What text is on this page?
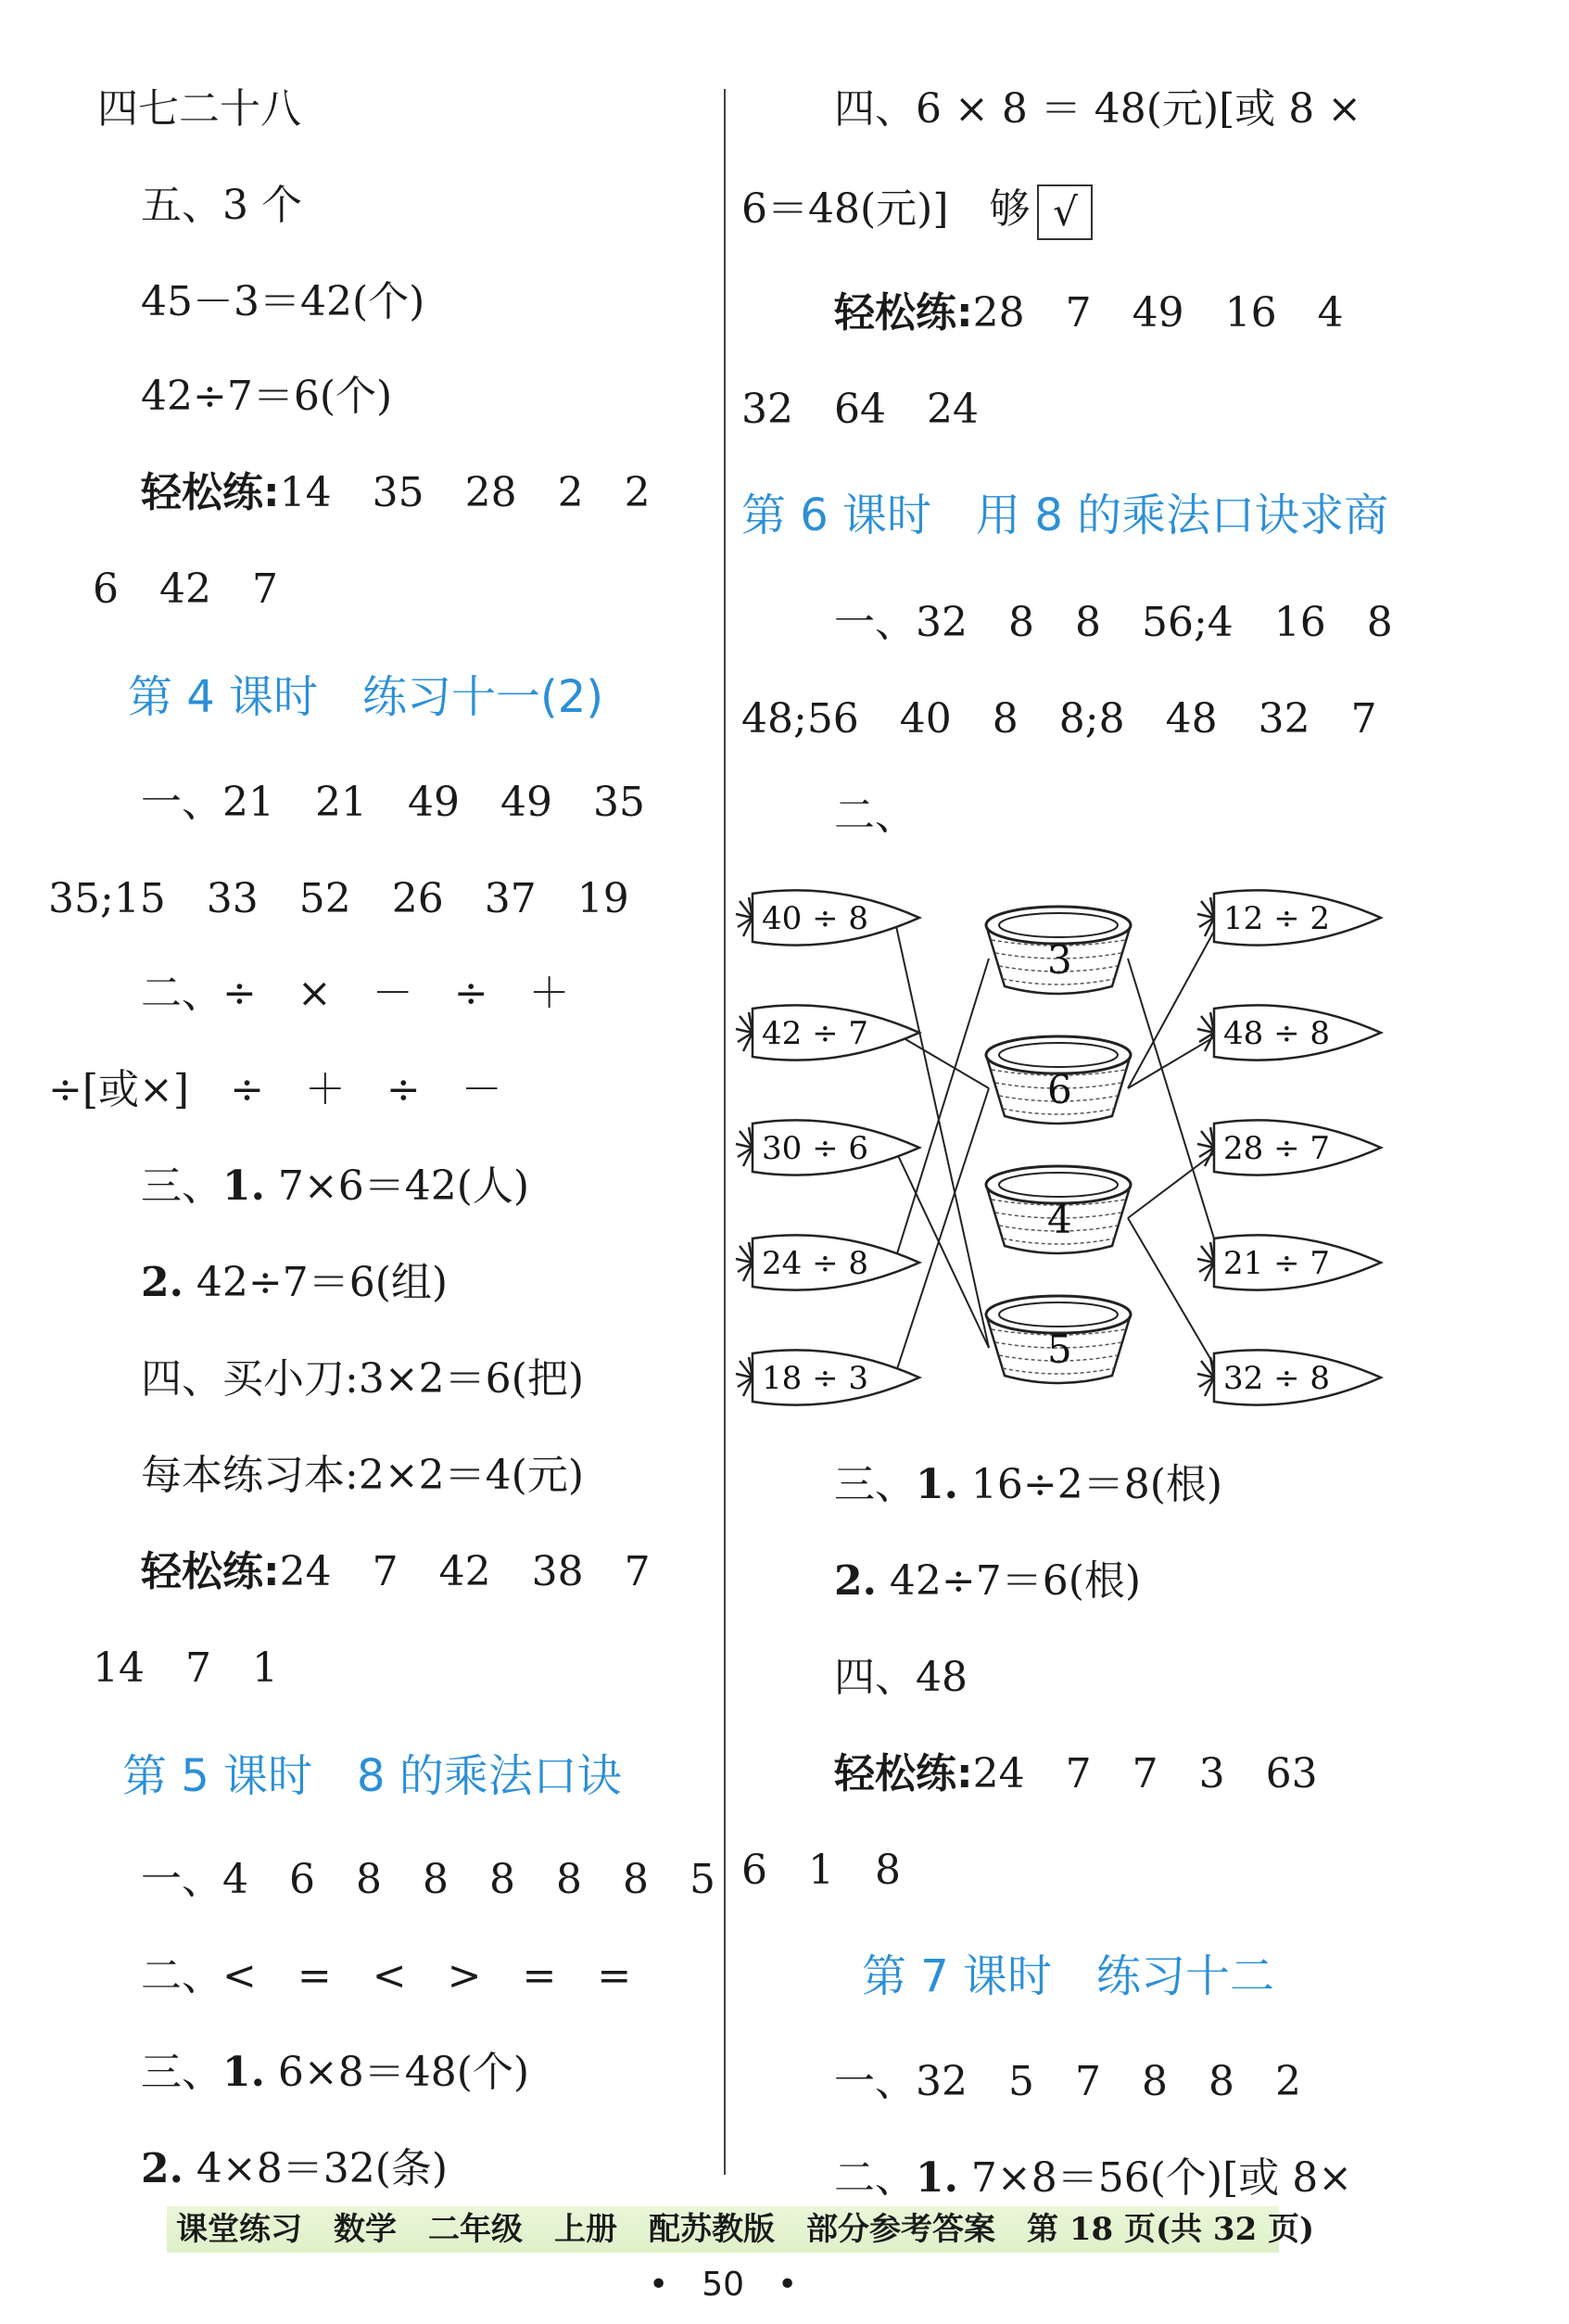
四七二十八
五、3 个
45－3＝42(个)
42÷7＝6(个)
轻松练:14　35　28　2　2
6　42　7
第 4 课时　练习十一(2)
一、21　21　49　49　35
35;15　33　52　26　37　19
二、÷　×　－　÷　＋
÷[或×]　÷　＋　÷　－
三、1. 7×6＝42(人)
2. 42÷7＝6(组)
四、买小刀:3×2＝6(把)
每本练习本:2×2＝4(元)
轻松练:24　7　42　38　7
14　7　1
第 5 课时　8 的乘法口诀
一、4　6　8　8　8　8　8　5
二、<　=　<　>　=　=
三、1. 6×8＝48(个)
2. 4×8＝32(条)
四、6 × 8 ＝ 48(元)[或 8 ×
6＝48(元)]　够 √
轻松练:28　7　49　16　4
32　64　24
第 6 课时　用 8 的乘法口诀求商
一、32　8　8　56;4　16　8
48;56　40　8　8;8　48　32　7
二、
三、1. 16÷2＝8(根)
2. 42÷7＝6(根)
四、48
轻松练:24　7　7　3　63
6　1　8
第 7 课时　练习十二
一、32　5　7　8　8　2
二、1. 7×8＝56(个)[或 8×
40 ÷ 8
42 ÷ 7
30 ÷ 6
24 ÷ 8
18 ÷ 3
3
6
4
5
12 ÷ 2
48 ÷ 8
28 ÷ 7
21 ÷ 7
32 ÷ 8
课堂练习　数学　二年级　上册　配苏教版　部分参考答案　第 18 页(共 32 页)
•　50　•
